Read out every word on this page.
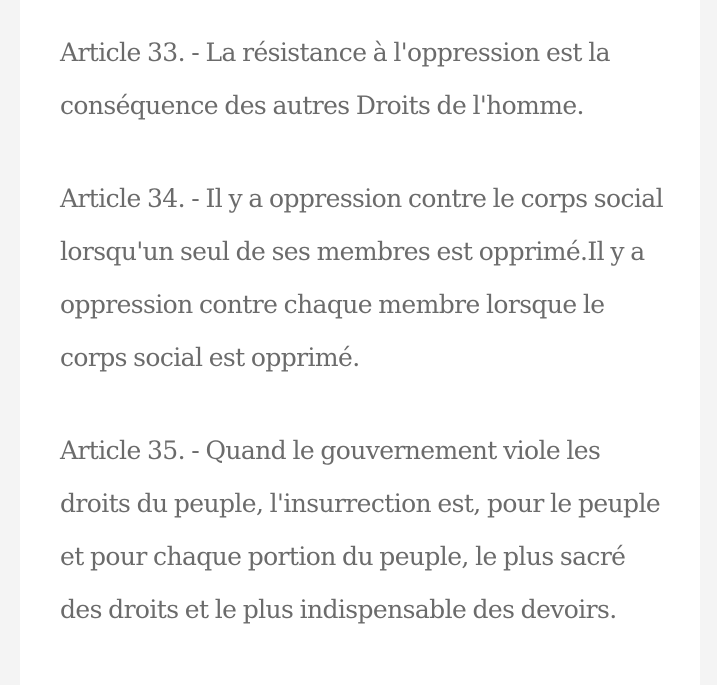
Article 33. - La résistance à l'oppression est la conséquence des autres Droits de l'homme.

Article 34. - Il y a oppression contre le corps social lorsqu'un seul de ses membres est opprimé.Il y a oppression contre chaque membre lorsque le corps social est opprimé.

Article 35. - Quand le gouvernement viole les droits du peuple, l'insurrection est, pour le peuple et pour chaque portion du peuple, le plus sacré des droits et le plus indispensable des devoirs.
